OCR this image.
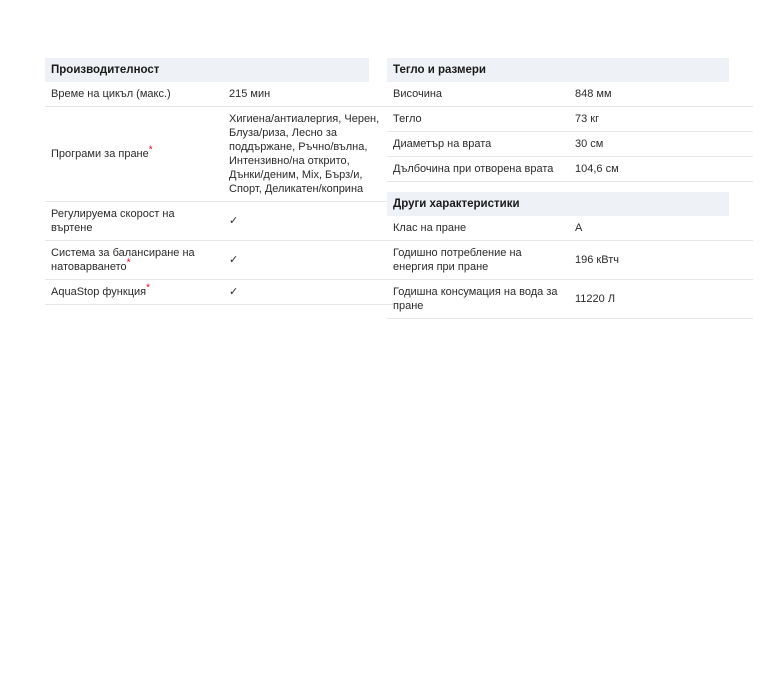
Производителност
Време на цикъл (макс.)	215 мин
Програми за пране*	Хигиена/антиалергия, Черен, Блуза/риза, Лесно за поддържане, Ръчно/вълна, Интензивно/на открито, Дънки/деним, Mix, Бърз/и, Спорт, Деликатен/коприна
Регулируема скорост на въртене	✓
Система за балансиране на натоварването*	✓
AquaStop функция*	✓
Тегло и размери
Височина	848 мм
Тегло	73 кг
Диаметър на врата	30 см
Дълбочина при отворена врата	104,6 см
Други характеристики
Клас на пране	A
Годишно потребление на енергия при пране	196 кВтч
Годишна консумация на вода за пране	11220 Л
